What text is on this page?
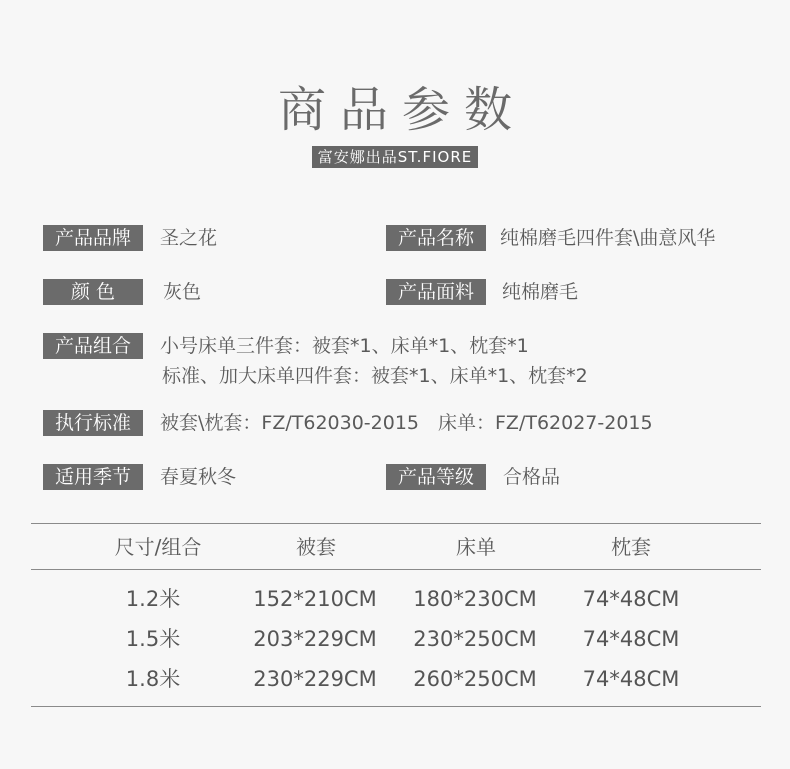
商品参数
富安娜出品ST.FIORE
产品品牌	圣之花	产品名称	纯棉磨毛四件套\曲意风华
颜 色	灰色	产品面料	纯棉磨毛
产品组合	小号床单三件套：被套*1、床单*1、枕套*1
标准、加大床单四件套：被套*1、床单*1、枕套*2
执行标准	被套\枕套：FZ/T62030-2015　床单：FZ/T62027-2015
适用季节	春夏秋冬	产品等级	合格品
尺寸/组合	被套	床单	枕套
1.2米	152*210CM	180*230CM	74*48CM
1.5米	203*229CM	230*250CM	74*48CM
1.8米	230*229CM	260*250CM	74*48CM
